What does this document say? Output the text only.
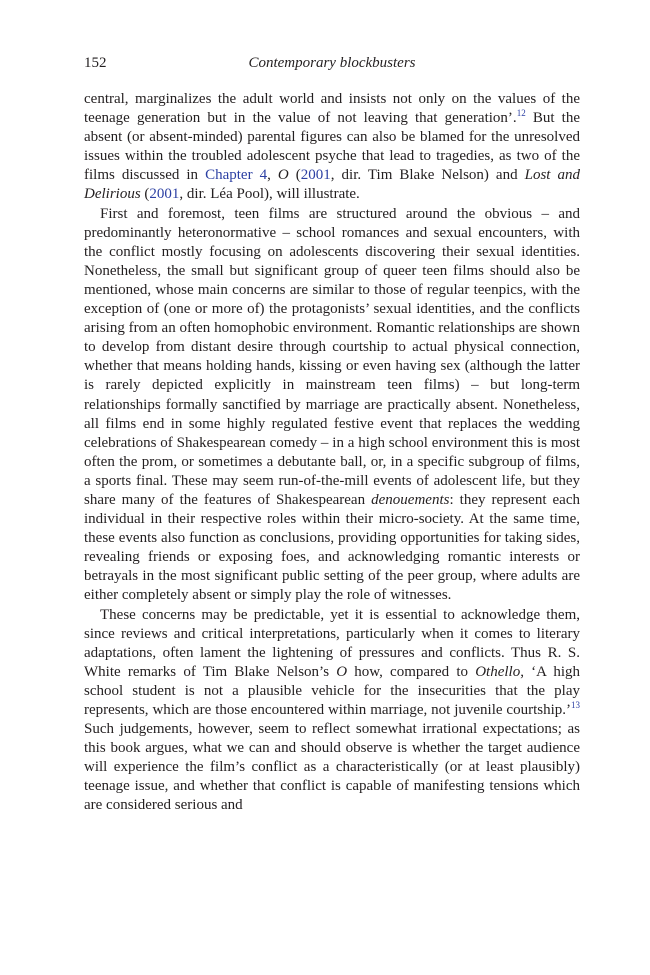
152	Contemporary blockbusters

central, marginalizes the adult world and insists not only on the values of the teenage generation but in the value of not leaving that generation’.$^{12}$ But the absent (or absent-minded) parental figures can also be blamed for the unresolved issues within the troubled adolescent psyche that lead to tragedies, as two of the films discussed in Chapter 4, O (2001, dir. Tim Blake Nelson) and Lost and Delirious (2001, dir. Léa Pool), will illustrate.

First and foremost, teen films are structured around the obvious – and predominantly heteronormative – school romances and sexual encounters, with the conflict mostly focusing on adolescents discovering their sexual identities. Nonetheless, the small but significant group of queer teen films should also be mentioned, whose main concerns are similar to those of regular teenpics, with the exception of (one or more of) the protagonists’ sexual identities, and the conflicts arising from an often homophobic environment. Romantic relationships are shown to develop from distant desire through courtship to actual physical connection, whether that means holding hands, kissing or even having sex (although the latter is rarely depicted explicitly in mainstream teen films) – but long-term relationships formally sanctified by marriage are practically absent. Nonetheless, all films end in some highly regulated festive event that replaces the wedding celebrations of Shakespearean comedy – in a high school environment this is most often the prom, or sometimes a debutante ball, or, in a specific subgroup of films, a sports final. These may seem run-of-the-mill events of adolescent life, but they share many of the features of Shakespearean denouements: they represent each individual in their respective roles within their micro-society. At the same time, these events also function as conclusions, providing opportunities for taking sides, revealing friends or exposing foes, and acknowledging romantic interests or betrayals in the most significant public setting of the peer group, where adults are either completely absent or simply play the role of witnesses.

These concerns may be predictable, yet it is essential to acknowledge them, since reviews and critical interpretations, particularly when it comes to literary adaptations, often lament the lightening of pressures and conflicts. Thus R. S. White remarks of Tim Blake Nelson’s O how, compared to Othello, ‘A high school student is not a plausible vehicle for the insecurities that the play represents, which are those encountered within marriage, not juvenile courtship.’$^{13}$ Such judgements, however, seem to reflect somewhat irrational expectations; as this book argues, what we can and should observe is whether the target audience will experience the film’s conflict as a characteristically (or at least plausibly) teenage issue, and whether that conflict is capable of manifesting tensions which are considered serious and
